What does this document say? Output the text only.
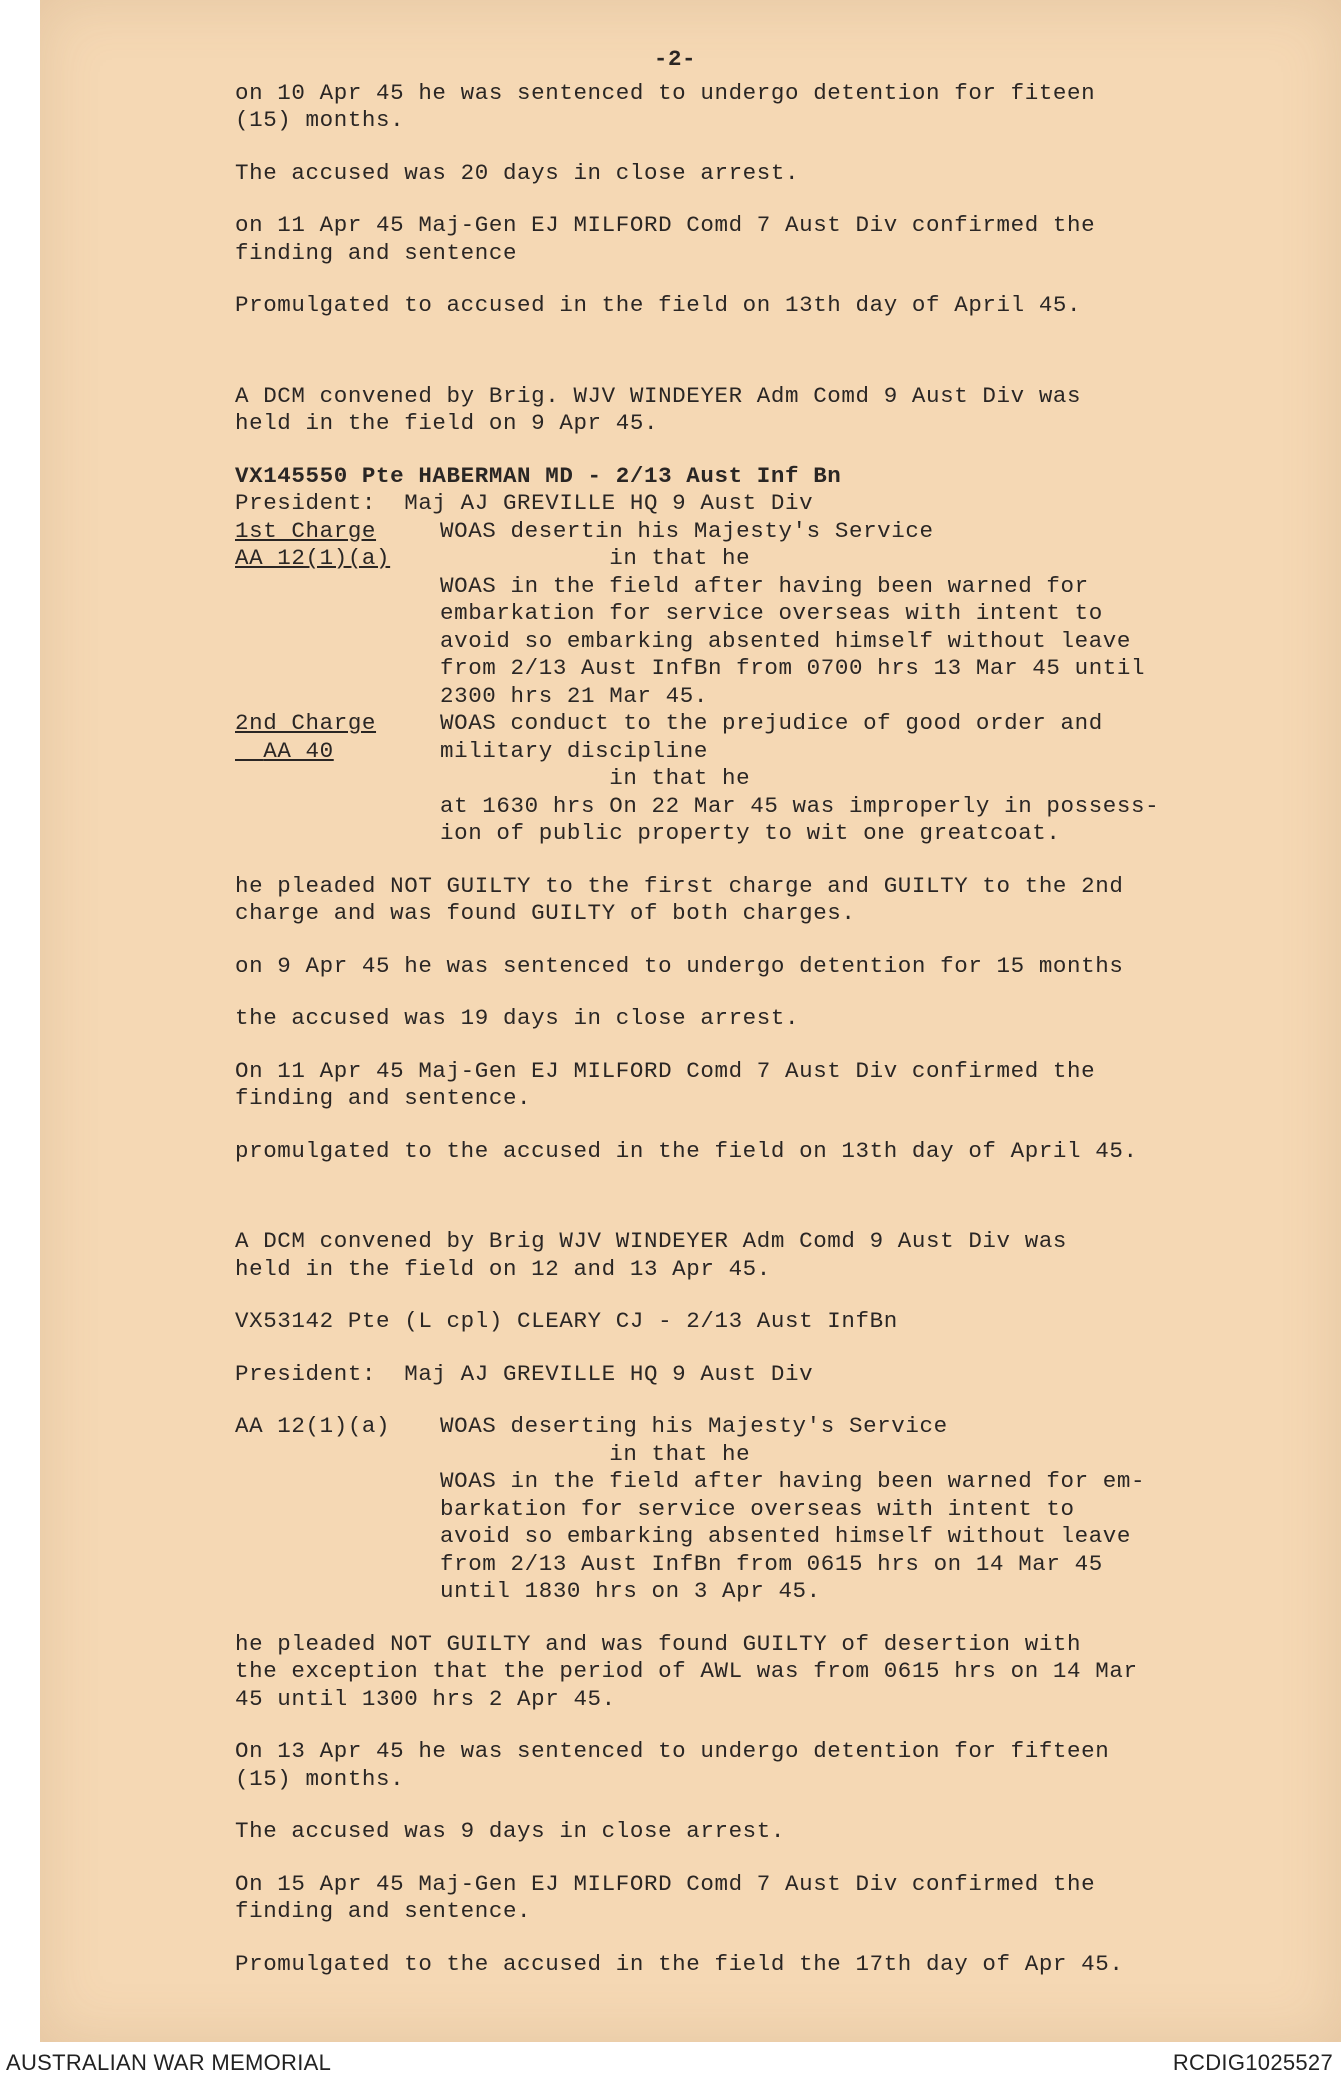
-2-
on 10 Apr 45 he was sentenced to undergo detention for fiteen
(15) months.
The accused was 20 days in close arrest.
on 11 Apr 45 Maj-Gen EJ MILFORD Comd 7 Aust Div confirmed the
finding and sentence
Promulgated to accused in the field on 13th day of April 45.
A DCM convened by Brig. WJV WINDEYER Adm Comd 9 Aust Div was
held in the field on 9 Apr 45.
VX145550 Pte HABERMAN MD - 2/13 Aust Inf Bn
President:  Maj AJ GREVILLE HQ 9 Aust Div
1st Charge
AA 12(1)(a)
WOAS desertin his Majesty's Service
in that he
WOAS in the field after having been warned for
embarkation for service overseas with intent to
avoid so embarking absented himself without leave
from 2/13 Aust InfBn from 0700 hrs 13 Mar 45 until
2300 hrs 21 Mar 45.
2nd Charge
AA 40
WOAS conduct to the prejudice of good order and
military discipline
in that he
at 1630 hrs On 22 Mar 45 was improperly in possess-
ion of public property to wit one greatcoat.
he pleaded NOT GUILTY to the first charge and GUILTY to the 2nd
charge and was found GUILTY of both charges.
on 9 Apr 45 he was sentenced to undergo detention for 15 months
the accused was 19 days in close arrest.
On 11 Apr 45 Maj-Gen EJ MILFORD Comd 7 Aust Div confirmed the
finding and sentence.
promulgated to the accused in the field on 13th day of April 45.
A DCM convened by Brig WJV WINDEYER Adm Comd 9 Aust Div was
held in the field on 12 and 13 Apr 45.
VX53142 Pte (L cpl) CLEARY CJ - 2/13 Aust InfBn
President:  Maj AJ GREVILLE HQ 9 Aust Div
AA 12(1)(a)	WOAS deserting his Majesty's Service
in that he
WOAS in the field after having been warned for em-
barkation for service overseas with intent to
avoid so embarking absented himself without leave
from 2/13 Aust InfBn from 0615 hrs on 14 Mar 45
until 1830 hrs on 3 Apr 45.
he pleaded NOT GUILTY and was found GUILTY of desertion with
the exception that the period of AWL was from 0615 hrs on 14 Mar
45 until 1300 hrs 2 Apr 45.
On 13 Apr 45 he was sentenced to undergo detention for fifteen
(15) months.
The accused was 9 days in close arrest.
On 15 Apr 45 Maj-Gen EJ MILFORD Comd 7 Aust Div confirmed the
finding and sentence.
Promulgated to the accused in the field the 17th day of Apr 45.
AUSTRALIAN WAR MEMORIAL	RCDIG1025527
